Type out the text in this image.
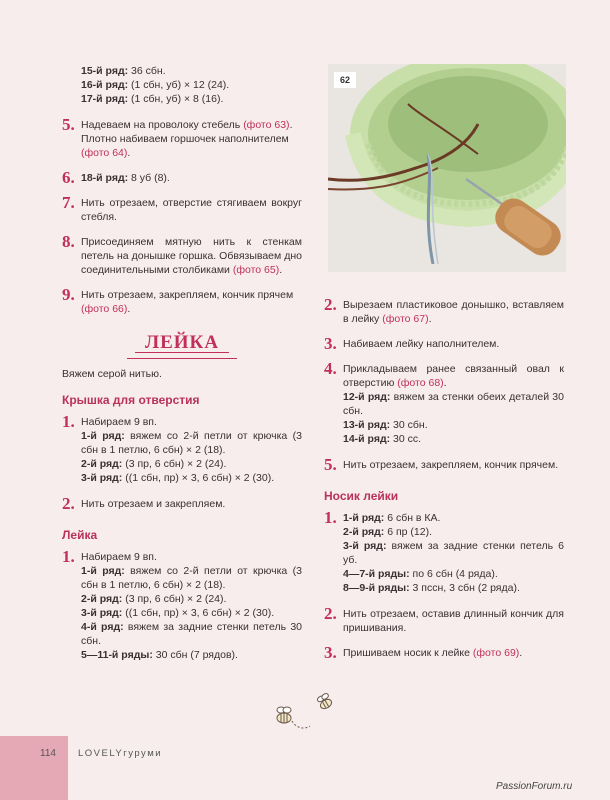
15-й ряд: 36 сбн.
16-й ряд: (1 сбн, уб) × 12 (24).
17-й ряд: (1 сбн, уб) × 8 (16).
5. Надеваем на проволоку стебель (фото 63). Плотно набиваем горшочек наполнителем (фото 64).
6. 18-й ряд: 8 уб (8).
7. Нить отрезаем, отверстие стягиваем вокруг стебля.
8. Присоединяем мятную нить к стенкам петель на донышке горшка. Обвязываем дно соединительными столбиками (фото 65).
9. Нить отрезаем, закрепляем, кончик прячем (фото 66).
ЛЕЙКА
Вяжем серой нитью.
Крышка для отверстия
1. Набираем 9 вп.
1-й ряд: вяжем со 2-й петли от крючка (3 сбн в 1 петлю, 6 сбн) × 2 (18).
2-й ряд: (3 пр, 6 сбн) × 2 (24).
3-й ряд: ((1 сбн, пр) × 3, 6 сбн) × 2 (30).
2. Нить отрезаем и закрепляем.
Лейка
1. Набираем 9 вп.
1-й ряд: вяжем со 2-й петли от крючка (3 сбн в 1 петлю, 6 сбн) × 2 (18).
2-й ряд: (3 пр, 6 сбн) × 2 (24).
3-й ряд: ((1 сбн, пр) × 3, 6 сбн) × 2 (30).
4-й ряд: вяжем за задние стенки петель 30 сбн.
5—11-й ряды: 30 сбн (7 рядов).
62
2. Вырезаем пластиковое донышко, вставляем в лейку (фото 67).
3. Набиваем лейку наполнителем.
4. Прикладываем ранее связанный овал к отверстию (фото 68).
12-й ряд: вяжем за стенки обеих деталей 30 сбн.
13-й ряд: 30 сбн.
14-й ряд: 30 сс.
5. Нить отрезаем, закрепляем, кончик прячем.
Носик лейки
1. 1-й ряд: 6 сбн в КА.
2-й ряд: 6 пр (12).
3-й ряд: вяжем за задние стенки петель 6 уб.
4—7-й ряды: по 6 сбн (4 ряда).
8—9-й ряды: 3 пссн, 3 сбн (2 ряда).
2. Нить отрезаем, оставив длинный кончик для пришивания.
3. Пришиваем носик к лейке (фото 69).
114 LOVELYгуруми
PassionForum.ru
